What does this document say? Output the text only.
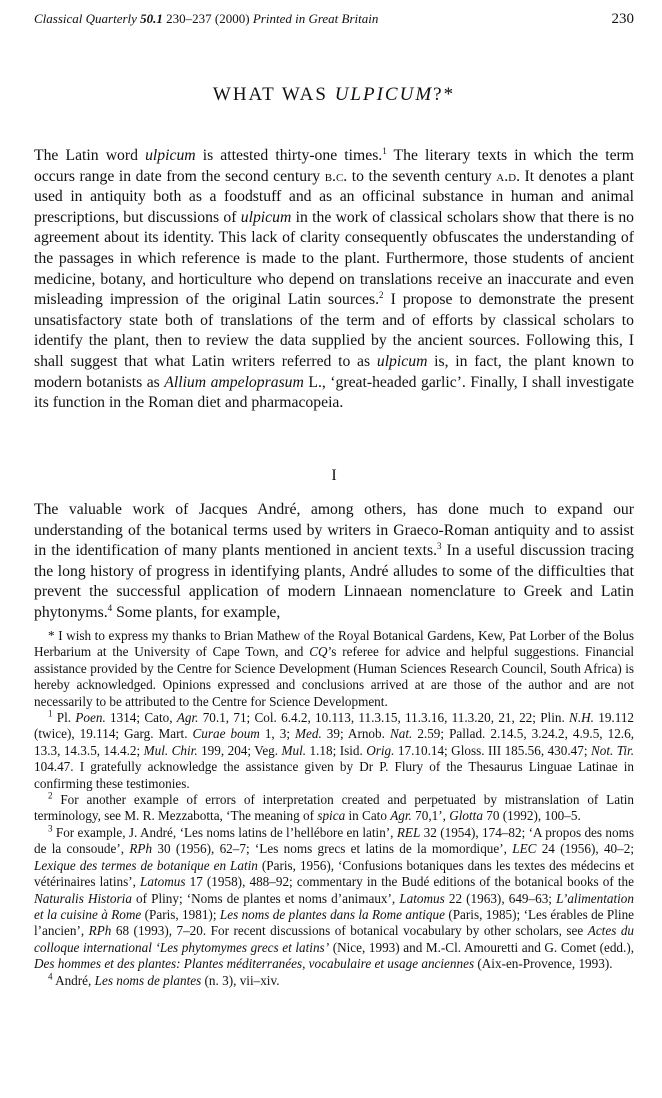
Classical Quarterly 50.1 230–237 (2000) Printed in Great Britain	230
WHAT WAS ULPICUM?*

The Latin word ulpicum is attested thirty-one times.$^1$ The literary texts in which the term occurs range in date from the second century b.c. to the seventh century a.d. It denotes a plant used in antiquity both as a foodstuff and as an officinal substance in human and animal prescriptions, but discussions of ulpicum in the work of classical scholars show that there is no agreement about its identity. This lack of clarity consequently obfuscates the understanding of the passages in which reference is made to the plant. Furthermore, those students of ancient medicine, botany, and horticulture who depend on translations receive an inaccurate and even misleading impression of the original Latin sources.$^2$ I propose to demonstrate the present unsatisfactory state both of translations of the term and of efforts by classical scholars to identify the plant, then to review the data supplied by the ancient sources. Following this, I shall suggest that what Latin writers referred to as ulpicum is, in fact, the plant known to modern botanists as Allium ampeloprasum L., ‘great-headed garlic’. Finally, I shall investigate its function in the Roman diet and pharmacopeia.

I

The valuable work of Jacques André, among others, has done much to expand our understanding of the botanical terms used by writers in Graeco-Roman antiquity and to assist in the identification of many plants mentioned in ancient texts.$^3$ In a useful discussion tracing the long history of progress in identifying plants, André alludes to some of the difficulties that prevent the successful application of modern Linnaean nomenclature to Greek and Latin phytonyms.$^4$ Some plants, for example,

* I wish to express my thanks to Brian Mathew of the Royal Botanical Gardens, Kew, Pat Lorber of the Bolus Herbarium at the University of Cape Town, and CQ’s referee for advice and helpful suggestions. Financial assistance provided by the Centre for Science Development (Human Sciences Research Council, South Africa) is hereby acknowledged. Opinions expressed and conclusions arrived at are those of the author and are not necessarily to be attributed to the Centre for Science Development.

$^1$ Pl. Poen. 1314; Cato, Agr. 70.1, 71; Col. 6.4.2, 10.113, 11.3.15, 11.3.16, 11.3.20, 21, 22; Plin. N.H. 19.112 (twice), 19.114; Garg. Mart. Curae boum 1, 3; Med. 39; Arnob. Nat. 2.59; Pallad. 2.14.5, 3.24.2, 4.9.5, 12.6, 13.3, 14.3.5, 14.4.2; Mul. Chir. 199, 204; Veg. Mul. 1.18; Isid. Orig. 17.10.14; Gloss. III 185.56, 430.47; Not. Tir. 104.47. I gratefully acknowledge the assistance given by Dr P. Flury of the Thesaurus Linguae Latinae in confirming these testimonies.

$^2$ For another example of errors of interpretation created and perpetuated by mistranslation of Latin terminology, see M. R. Mezzabotta, ‘The meaning of spica in Cato Agr. 70,1’, Glotta 70 (1992), 100–5.

$^3$ For example, J. André, ‘Les noms latins de l’hellébore en latin’, REL 32 (1954), 174–82; ‘A propos des noms de la consoude’, RPh 30 (1956), 62–7; ‘Les noms grecs et latins de la momordique’, LEC 24 (1956), 40–2; Lexique des termes de botanique en Latin (Paris, 1956), ‘Confusions botaniques dans les textes des médecins et vétérinaires latins’, Latomus 17 (1958), 488–92; commentary in the Budé editions of the botanical books of the Naturalis Historia of Pliny; ‘Noms de plantes et noms d’animaux’, Latomus 22 (1963), 649–63; L’alimentation et la cuisine à Rome (Paris, 1981); Les noms de plantes dans la Rome antique (Paris, 1985); ‘Les érables de Pline l’ancien’, RPh 68 (1993), 7–20. For recent discussions of botanical vocabulary by other scholars, see Actes du colloque international ‘Les phytomymes grecs et latins’ (Nice, 1993) and M.-Cl. Amouretti and G. Comet (edd.), Des hommes et des plantes: Plantes méditerranées, vocabulaire et usage anciennes (Aix-en-Provence, 1993).

$^4$ André, Les noms de plantes (n. 3), vii–xiv.
